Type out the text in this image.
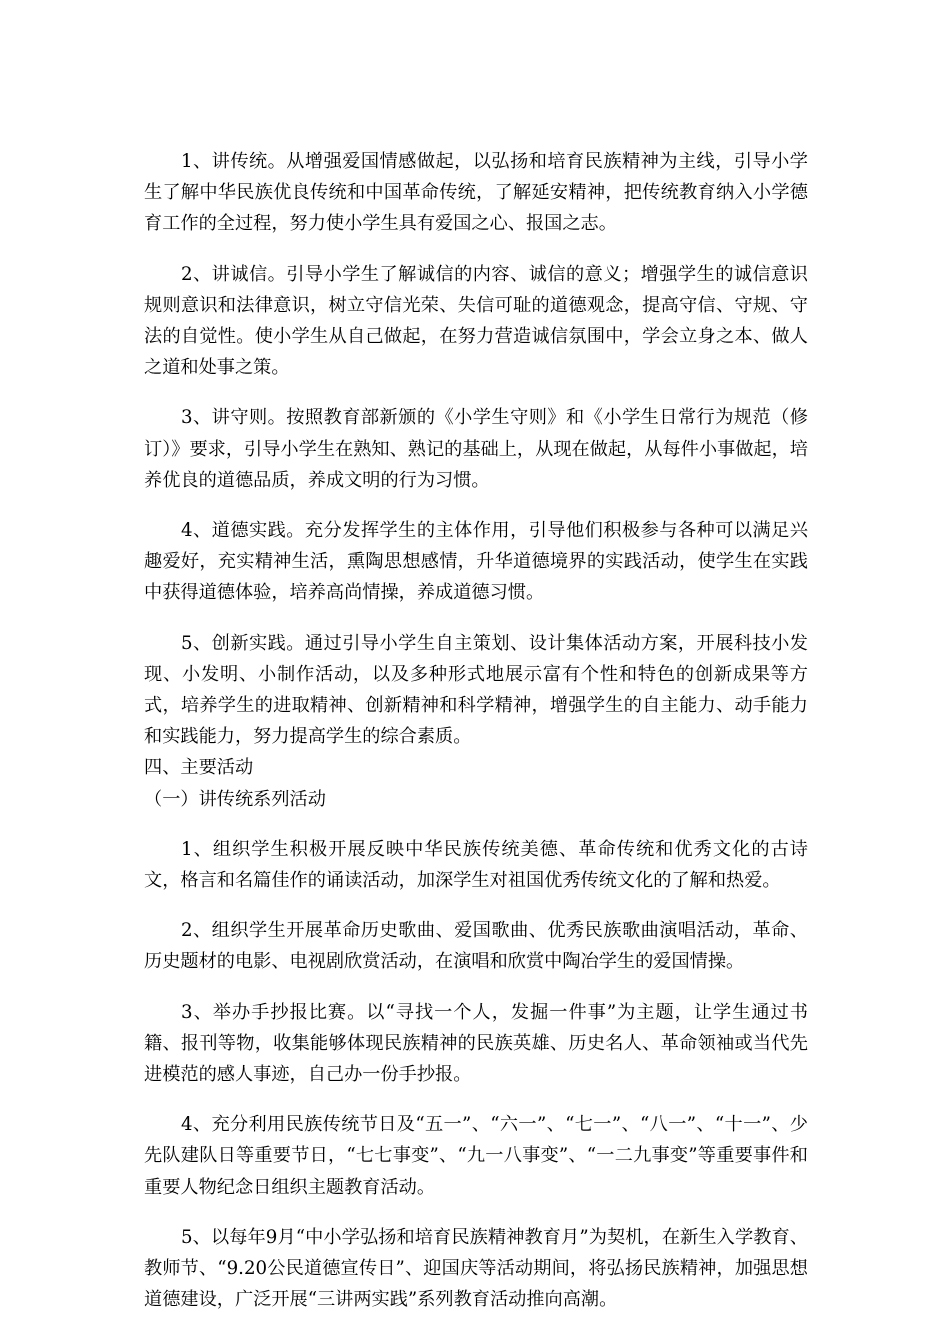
1、讲传统。从增强爱国情感做起，以弘扬和培育民族精神为主线，引导小学生了解中华民族优良传统和中国革命传统，了解延安精神，把传统教育纳入小学德育工作的全过程，努力使小学生具有爱国之心、报国之志。

2、讲诚信。引导小学生了解诚信的内容、诚信的意义；增强学生的诚信意识规则意识和法律意识，树立守信光荣、失信可耻的道德观念，提高守信、守规、守法的自觉性。使小学生从自己做起，在努力营造诚信氛围中，学会立身之本、做人之道和处事之策。

3、讲守则。按照教育部新颁的《小学生守则》和《小学生日常行为规范（修订）》要求，引导小学生在熟知、熟记的基础上，从现在做起，从每件小事做起，培养优良的道德品质，养成文明的行为习惯。

4、道德实践。充分发挥学生的主体作用，引导他们积极参与各种可以满足兴趣爱好，充实精神生活，熏陶思想感情，升华道德境界的实践活动，使学生在实践中获得道德体验，培养高尚情操，养成道德习惯。

5、创新实践。通过引导小学生自主策划、设计集体活动方案，开展科技小发现、小发明、小制作活动，以及多种形式地展示富有个性和特色的创新成果等方式，培养学生的进取精神、创新精神和科学精神，增强学生的自主能力、动手能力和实践能力，努力提高学生的综合素质。

四、主要活动

（一）讲传统系列活动

1、组织学生积极开展反映中华民族传统美德、革命传统和优秀文化的古诗文，格言和名篇佳作的诵读活动，加深学生对祖国优秀传统文化的了解和热爱。

2、组织学生开展革命历史歌曲、爱国歌曲、优秀民族歌曲演唱活动，革命、历史题材的电影、电视剧欣赏活动，在演唱和欣赏中陶冶学生的爱国情操。

3、举办手抄报比赛。以“寻找一个人，发掘一件事”为主题，让学生通过书籍、报刊等物，收集能够体现民族精神的民族英雄、历史名人、革命领袖或当代先进模范的感人事迹，自己办一份手抄报。

4、充分利用民族传统节日及“五一”、“六一”、“七一”、“八一”、“十一”、少先队建队日等重要节日，“七七事变”、“九一八事变”、“一二九事变”等重要事件和重要人物纪念日组织主题教育活动。

5、以每年9月“中小学弘扬和培育民族精神教育月”为契机，在新生入学教育、教师节、“9.20公民道德宣传日”、迎国庆等活动期间，将弘扬民族精神，加强思想道德建设，广泛开展“三讲两实践”系列教育活动推向高潮。
